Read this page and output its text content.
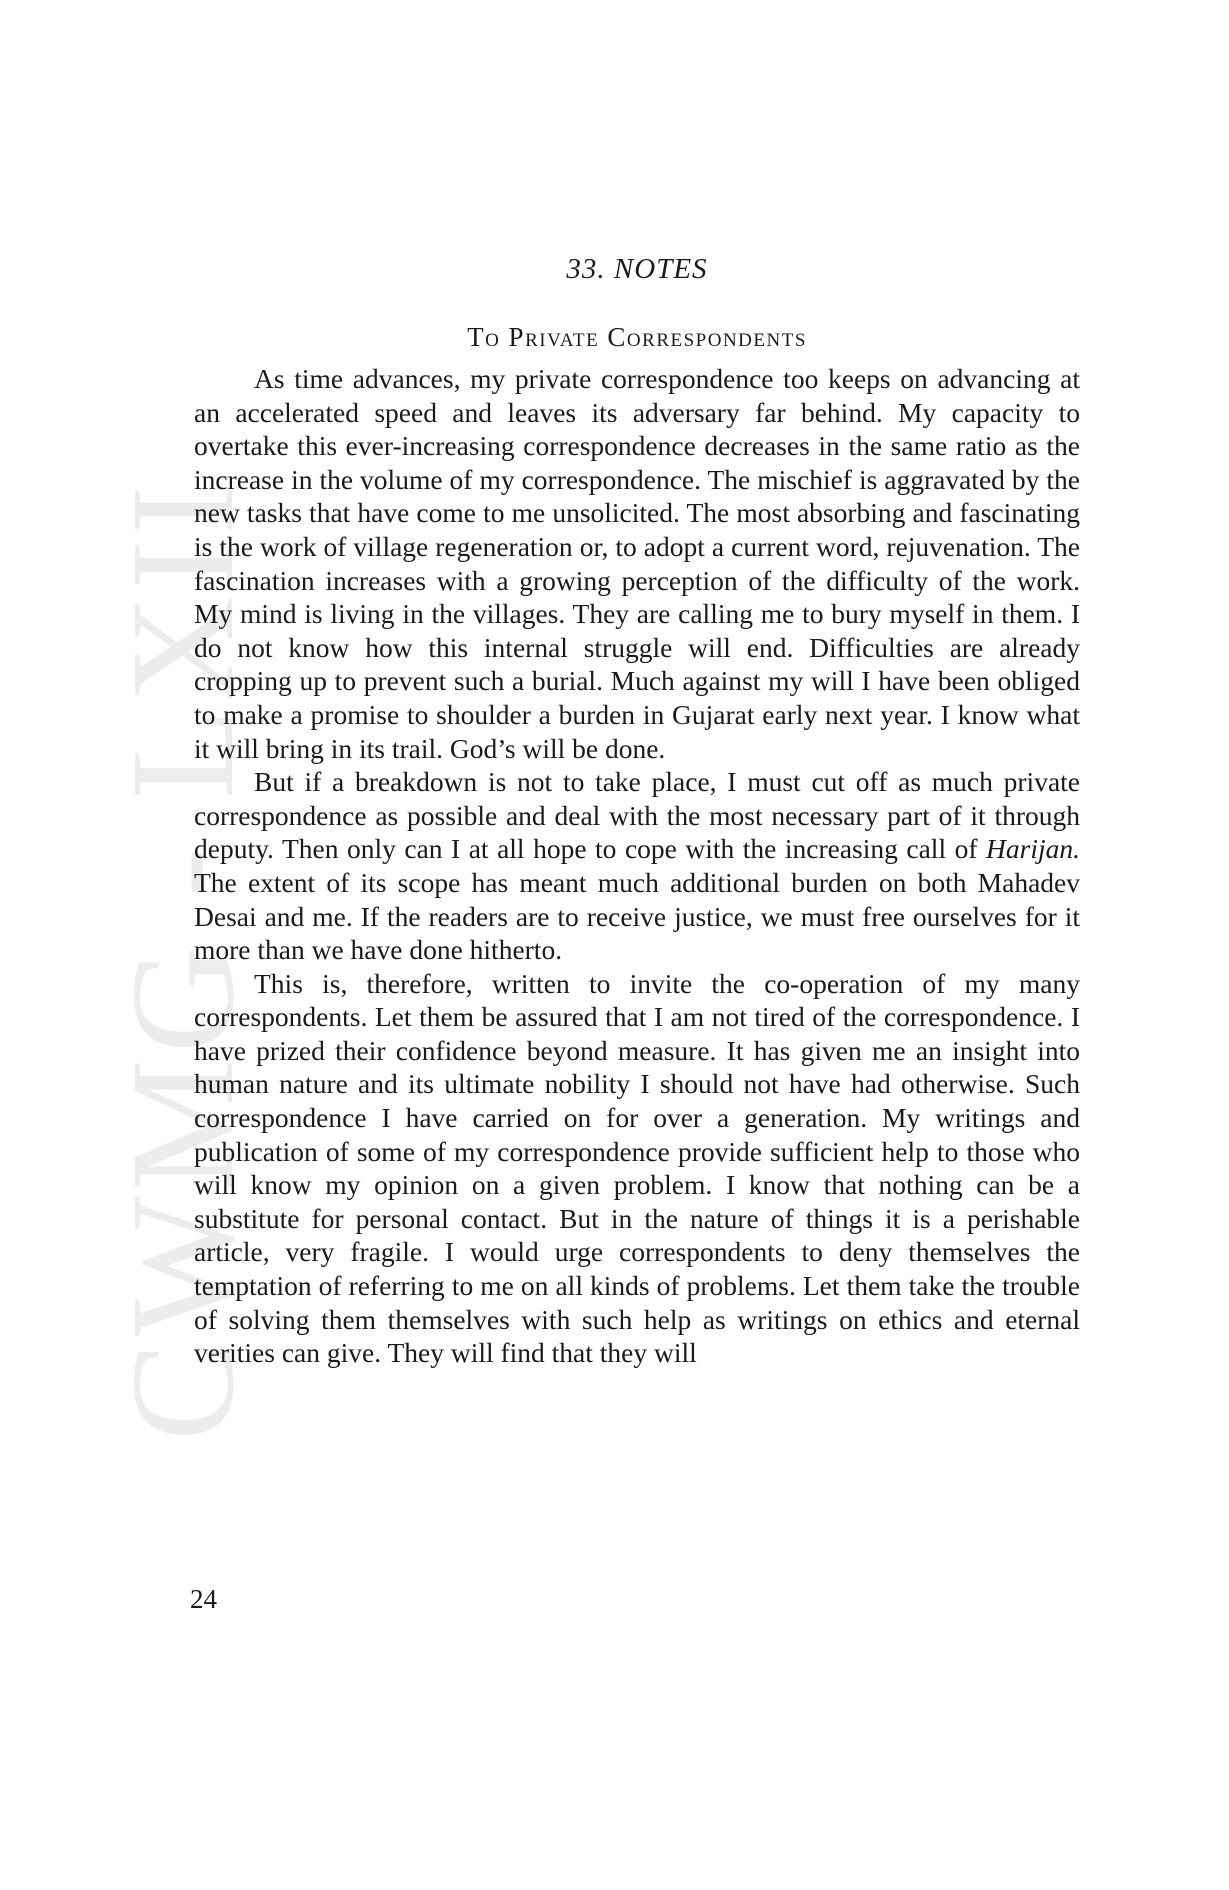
CWMG - LXII
33. NOTES
To Private Correspondents

As time advances, my private correspondence too keeps on advancing at an accelerated speed and leaves its adversary far behind. My capacity to overtake this ever-increasing correspondence decreases in the same ratio as the increase in the volume of my correspondence. The mischief is aggravated by the new tasks that have come to me unsolicited. The most absorbing and fascinating is the work of village regeneration or, to adopt a current word, rejuvenation. The fascination increases with a growing perception of the difficulty of the work. My mind is living in the villages. They are calling me to bury myself in them. I do not know how this internal struggle will end. Difficulties are already cropping up to prevent such a burial. Much against my will I have been obliged to make a promise to shoulder a burden in Gujarat early next year. I know what it will bring in its trail. God’s will be done.

But if a breakdown is not to take place, I must cut off as much private correspondence as possible and deal with the most necessary part of it through deputy. Then only can I at all hope to cope with the increasing call of Harijan. The extent of its scope has meant much additional burden on both Mahadev Desai and me. If the readers are to receive justice, we must free ourselves for it more than we have done hitherto.

This is, therefore, written to invite the co-operation of my many correspondents. Let them be assured that I am not tired of the correspondence. I have prized their confidence beyond measure. It has given me an insight into human nature and its ultimate nobility I should not have had otherwise. Such correspondence I have carried on for over a generation. My writings and publication of some of my correspondence provide sufficient help to those who will know my opinion on a given problem. I know that nothing can be a substitute for personal contact. But in the nature of things it is a perishable article, very fragile. I would urge correspondents to deny themselves the temptation of referring to me on all kinds of problems. Let them take the trouble of solving them themselves with such help as writings on ethics and eternal verities can give. They will find that they will

24
